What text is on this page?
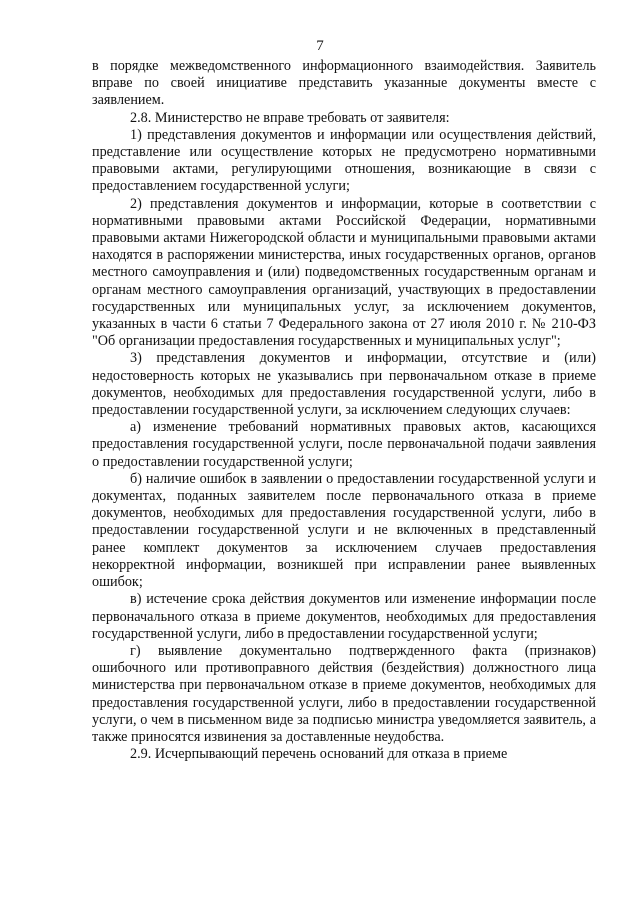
7

в порядке межведомственного информационного взаимодействия. Заявитель вправе по своей инициативе представить указанные документы вместе с заявлением.

2.8. Министерство не вправе требовать от заявителя:

1) представления документов и информации или осуществления действий, представление или осуществление которых не предусмотрено нормативными правовыми актами, регулирующими отношения, возникающие в связи с предоставлением государственной услуги;

2) представления документов и информации, которые в соответствии с нормативными правовыми актами Российской Федерации, нормативными правовыми актами Нижегородской области и муниципальными правовыми актами находятся в распоряжении министерства, иных государственных органов, органов местного самоуправления и (или) подведомственных государственным органам и органам местного самоуправления организаций, участвующих в предоставлении государственных или муниципальных услуг, за исключением документов, указанных в части 6 статьи 7 Федерального закона от 27 июля 2010 г. № 210-ФЗ "Об организации предоставления государственных и муниципальных услуг";

3) представления документов и информации, отсутствие и (или) недостоверность которых не указывались при первоначальном отказе в приеме документов, необходимых для предоставления государственной услуги, либо в предоставлении государственной услуги, за исключением следующих случаев:

а) изменение требований нормативных правовых актов, касающихся предоставления государственной услуги, после первоначальной подачи заявления о предоставлении государственной услуги;

б) наличие ошибок в заявлении о предоставлении государственной услуги и документах, поданных заявителем после первоначального отказа в приеме документов, необходимых для предоставления государственной услуги, либо в предоставлении государственной услуги и не включенных в представленный ранее комплект документов за исключением случаев предоставления некорректной информации, возникшей при исправлении ранее выявленных ошибок;

в) истечение срока действия документов или изменение информации после первоначального отказа в приеме документов, необходимых для предоставления государственной услуги, либо в предоставлении государственной услуги;

г) выявление документально подтвержденного факта (признаков) ошибочного или противоправного действия (бездействия) должностного лица министерства при первоначальном отказе в приеме документов, необходимых для предоставления государственной услуги, либо в предоставлении государственной услуги, о чем в письменном виде за подписью министра уведомляется заявитель, а также приносятся извинения за доставленные неудобства.

2.9. Исчерпывающий перечень оснований для отказа в приеме
